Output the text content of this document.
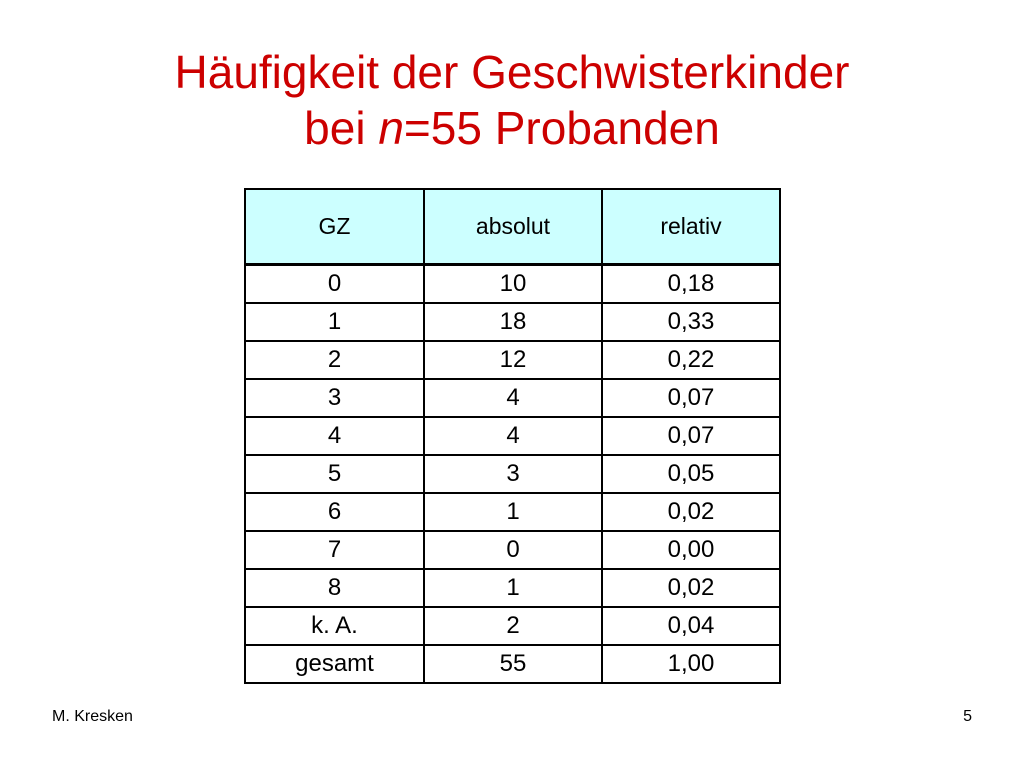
Häufigkeit der Geschwisterkinder
bei n=55 Probanden
GZ	absolut	relativ
0	10	0,18
1	18	0,33
2	12	0,22
3	4	0,07
4	4	0,07
5	3	0,05
6	1	0,02
7	0	0,00
8	1	0,02
k. A.	2	0,04
gesamt	55	1,00
M. Kresken	5
